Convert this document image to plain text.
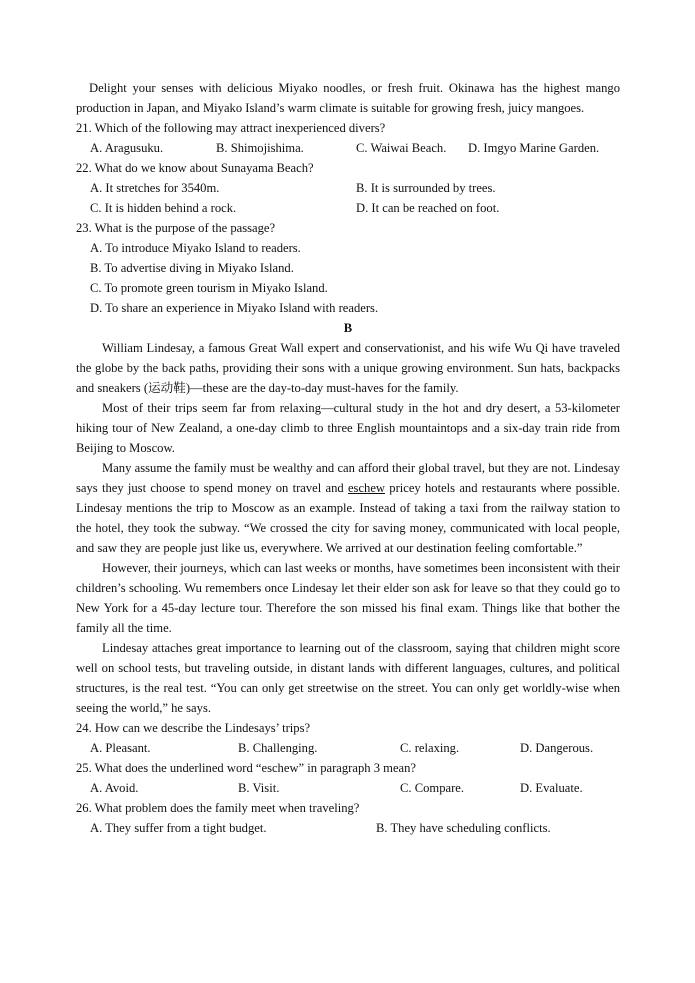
Delight your senses with delicious Miyako noodles, or fresh fruit. Okinawa has the highest mango production in Japan, and Miyako Island’s warm climate is suitable for growing fresh, juicy mangoes.

21. Which of the following may attract inexperienced divers?
A. Aragusuku.	B. Shimojishima.	C. Waiwai Beach. D. Imgyo Marine Garden.
22. What do we know about Sunayama Beach?
A. It stretches for 3540m.	B. It is surrounded by trees.
C. It is hidden behind a rock.	D. It can be reached on foot.
23. What is the purpose of the passage?
A. To introduce Miyako Island to readers.
B. To advertise diving in Miyako Island.
C. To promote green tourism in Miyako Island.
D. To share an experience in Miyako Island with readers.
B

William Lindesay, a famous Great Wall expert and conservationist, and his wife Wu Qi have traveled the globe by the back paths, providing their sons with a unique growing environment. Sun hats, backpacks and sneakers (运动鞋)—these are the day-to-day must-haves for the family.

Most of their trips seem far from relaxing—cultural study in the hot and dry desert, a 53-kilometer hiking tour of New Zealand, a one-day climb to three English mountaintops and a six-day train ride from Beijing to Moscow.

Many assume the family must be wealthy and can afford their global travel, but they are not. Lindesay says they just choose to spend money on travel and eschew pricey hotels and restaurants where possible. Lindesay mentions the trip to Moscow as an example. Instead of taking a taxi from the railway station to the hotel, they took the subway. “We crossed the city for saving money, communicated with local people, and saw they are people just like us, everywhere. We arrived at our destination feeling comfortable.”

However, their journeys, which can last weeks or months, have sometimes been inconsistent with their children’s schooling. Wu remembers once Lindesay let their elder son ask for leave so that they could go to New York for a 45-day lecture tour. Therefore the son missed his final exam. Things like that bother the family all the time.

Lindesay attaches great importance to learning out of the classroom, saying that children might score well on school tests, but traveling outside, in distant lands with different languages, cultures, and political structures, is the real test. “You can only get streetwise on the street. You can only get worldly-wise when seeing the world,” he says.

24. How can we describe the Lindesays’ trips?
A. Pleasant.	B. Challenging.	C. relaxing.	D. Dangerous.
25. What does the underlined word “eschew” in paragraph 3 mean?
A. Avoid.	B. Visit.	C. Compare.	D. Evaluate.
26. What problem does the family meet when traveling?
A. They suffer from a tight budget.	B. They have scheduling conflicts.
